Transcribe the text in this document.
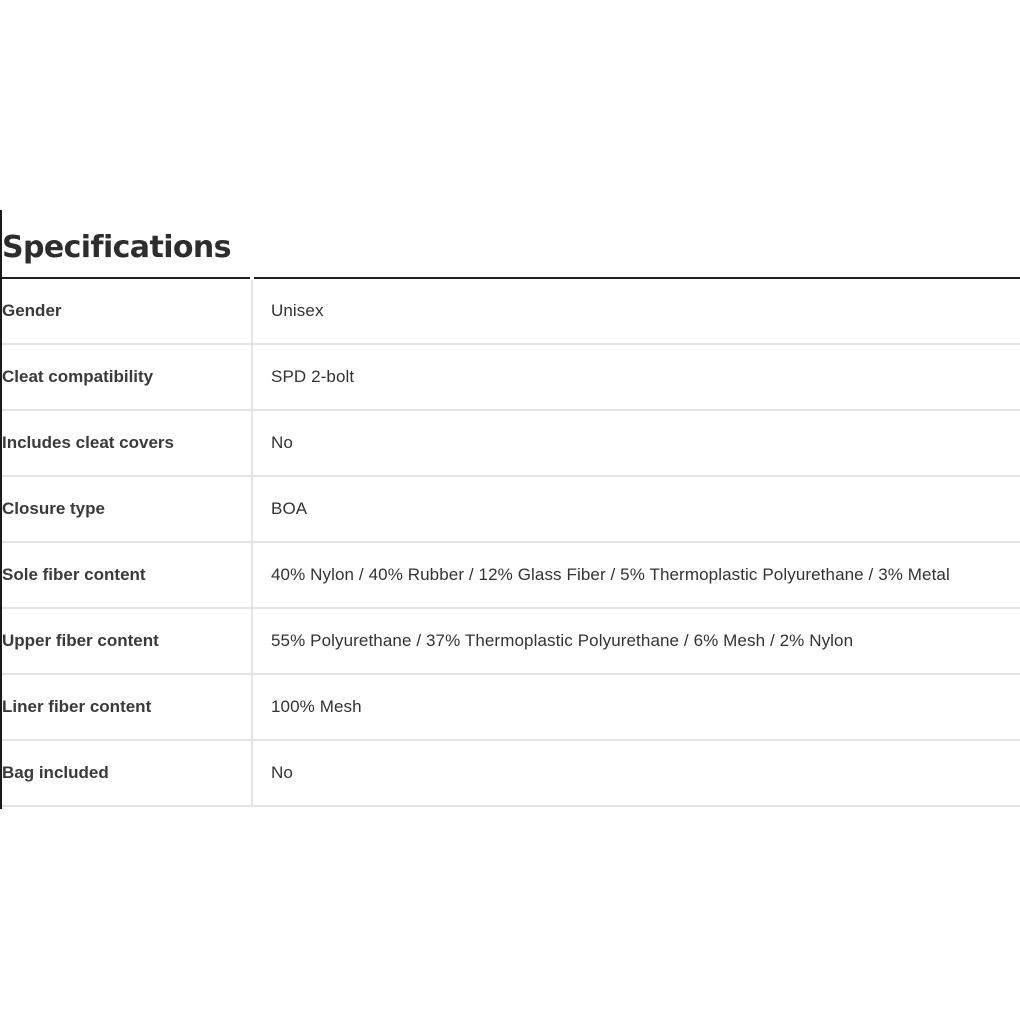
Specifications
Gender	Unisex
Cleat compatibility	SPD 2-bolt
Includes cleat covers	No
Closure type	BOA
Sole fiber content	40% Nylon / 40% Rubber / 12% Glass Fiber / 5% Thermoplastic Polyurethane / 3% Metal
Upper fiber content	55% Polyurethane / 37% Thermoplastic Polyurethane / 6% Mesh / 2% Nylon
Liner fiber content	100% Mesh
Bag included	No
